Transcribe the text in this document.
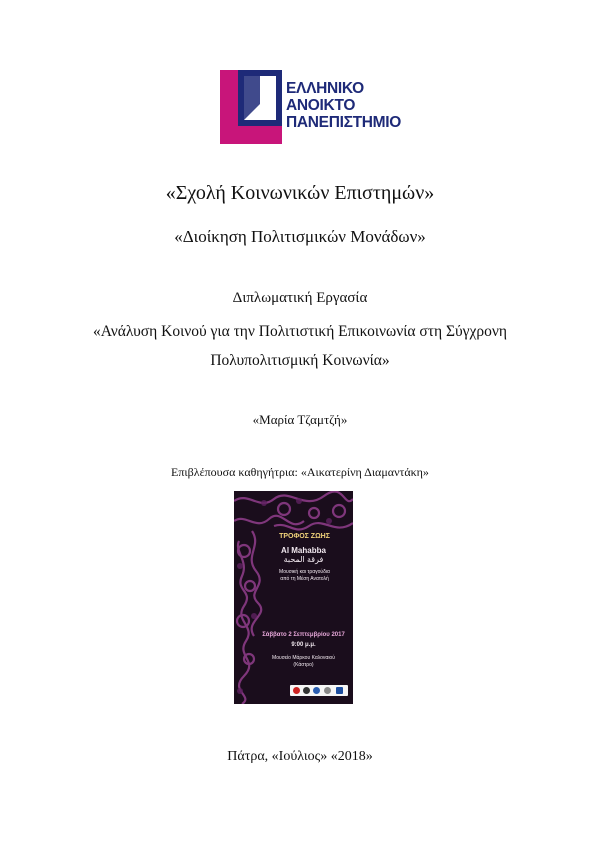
ΕΛΛΗΝΙΚΟ
ΑΝΟΙΚΤΟ
ΠΑΝΕΠΙΣΤΗΜΙΟ
«Σχολή Κοινωνικών Επιστημών»
«Διοίκηση Πολιτισμικών Μονάδων»
Διπλωματική Εργασία
«Ανάλυση Κοινού για την Πολιτιστική Επικοινωνία στη Σύγχρονη
Πολυπολιτισμική Κοινωνία»
«Μαρία Τζαμτζή»
Επιβλέπουσα καθηγήτρια: «Αικατερίνη Διαμαντάκη»
ΤΡΟΦΟΣ ΖΩΗΣ
Al Mahabba
فرقة المحبة
Μουσική και τραγούδια
από τη Μέση Ανατολή
Σάββατο 2 Σεπτεμβρίου 2017
9:00 μ.μ.
Μουσείο Μάρκου Καλοναιού
(Κάστρο)
Πάτρα, «Ιούλιος» «2018»
